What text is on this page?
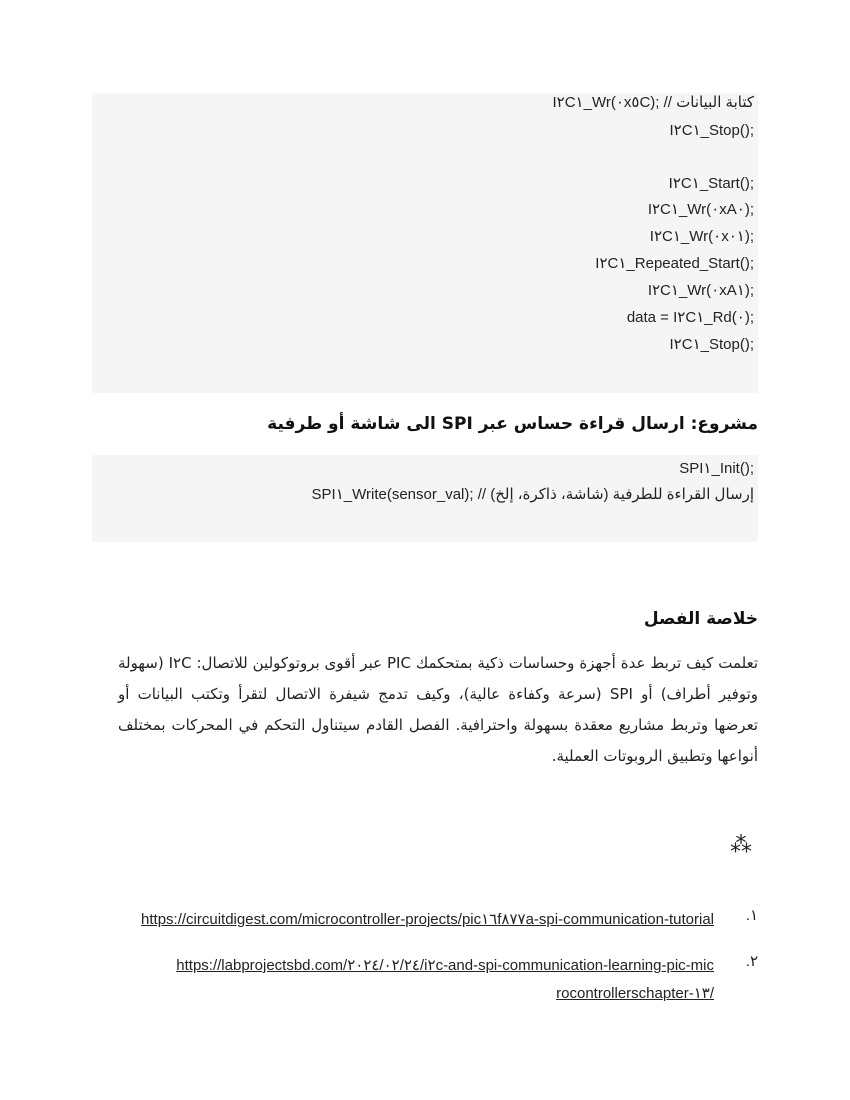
I٢C١_Wr(٠x٥C); // كتابة البيانات
I٢C١_Stop();
I٢C١_Start();
I٢C١_Wr(٠xA٠);
I٢C١_Wr(٠x٠١);
I٢C١_Repeated_Start();
I٢C١_Wr(٠xA١);
data = I٢C١_Rd(٠);
I٢C١_Stop();
مشروع: ارسال قراءة حساس عبر SPI الى شاشة أو طرفية
SPI١_Init();
SPI١_Write(sensor_val); // إرسال القراءة للطرفية (شاشة، ذاكرة، إلخ)
خلاصة الفصل
تعلمت كيف تربط عدة أجهزة وحساسات ذكية بمتحكمك PIC عبر أقوى بروتوكولين للاتصال: I٢C (سهولة وتوفير أطراف) أو SPI (سرعة وكفاءة عالية)، وكيف تدمج شيفرة الاتصال لتقرأ وتكتب البيانات أو تعرضها وتربط مشاريع معقدة بسهولة واحترافية. الفصل القادم سيتناول التحكم في المحركات بمختلف أنواعها وتطبيق الروبوتات العملية.
⁂
١.
https://circuitdigest.com/microcontroller-projects/pic١٦f٨٧٧a-spi-communication-tutorial
٢.
https://labprojectsbd.com/٢٠٢٤/٠٢/٢٤/i٢c-and-spi-communication-learning-pic-microcontrollerschapter-١٣/
